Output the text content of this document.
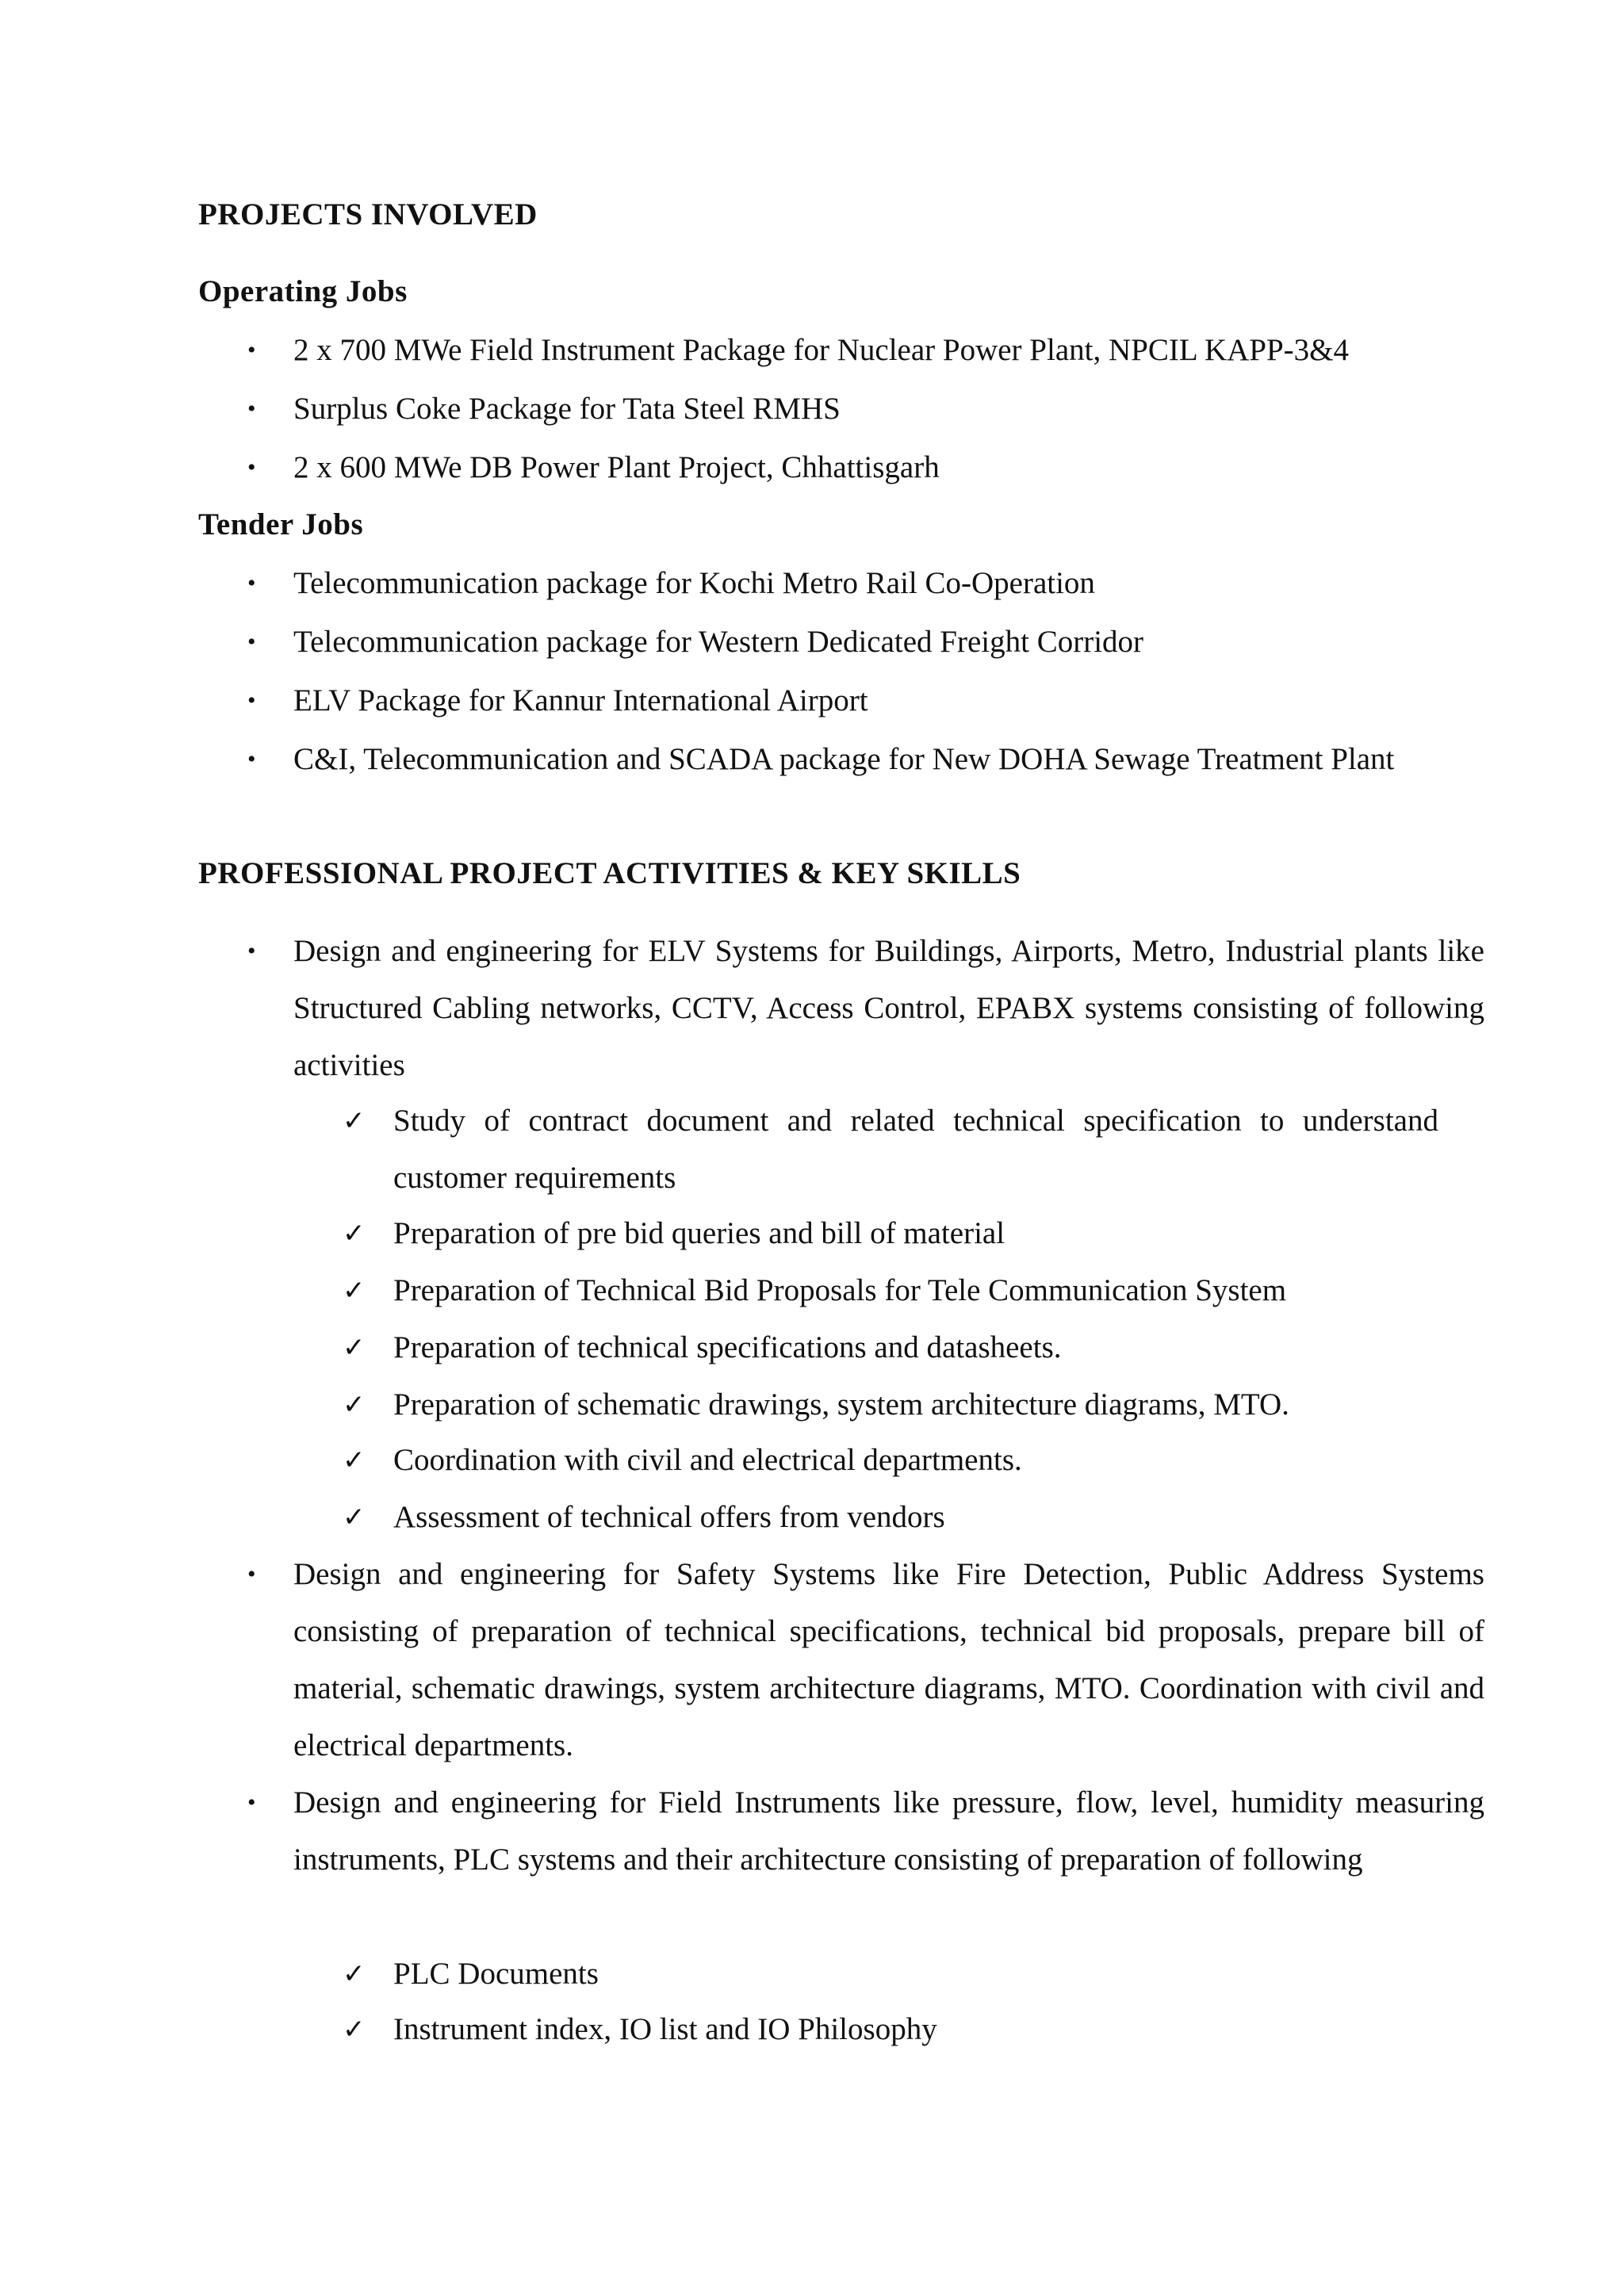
PROJECTS INVOLVED
Operating Jobs
• 2 x 700 MWe Field Instrument Package for Nuclear Power Plant, NPCIL KAPP-3&4
• Surplus Coke Package for Tata Steel RMHS
• 2 x 600 MWe DB Power Plant Project, Chhattisgarh
Tender Jobs
• Telecommunication package for Kochi Metro Rail Co-Operation
• Telecommunication package for Western Dedicated Freight Corridor
• ELV Package for Kannur International Airport
• C&I, Telecommunication and SCADA package for New DOHA Sewage Treatment Plant
PROFESSIONAL PROJECT ACTIVITIES & KEY SKILLS
• Design and engineering for ELV Systems for Buildings, Airports, Metro, Industrial plants like Structured Cabling networks, CCTV, Access Control, EPABX systems consisting of following activities
✓ Study of contract document and related technical specification to understand customer requirements
✓ Preparation of pre bid queries and bill of material
✓ Preparation of Technical Bid Proposals for Tele Communication System
✓ Preparation of technical specifications and datasheets.
✓ Preparation of schematic drawings, system architecture diagrams, MTO.
✓ Coordination with civil and electrical departments.
✓ Assessment of technical offers from vendors
• Design and engineering for Safety Systems like Fire Detection, Public Address Systems consisting of preparation of technical specifications, technical bid proposals, prepare bill of material, schematic drawings, system architecture diagrams, MTO. Coordination with civil and electrical departments.
• Design and engineering for Field Instruments like pressure, flow, level, humidity measuring instruments, PLC systems and their architecture consisting of preparation of following
✓ PLC Documents
✓ Instrument index, IO list and IO Philosophy
